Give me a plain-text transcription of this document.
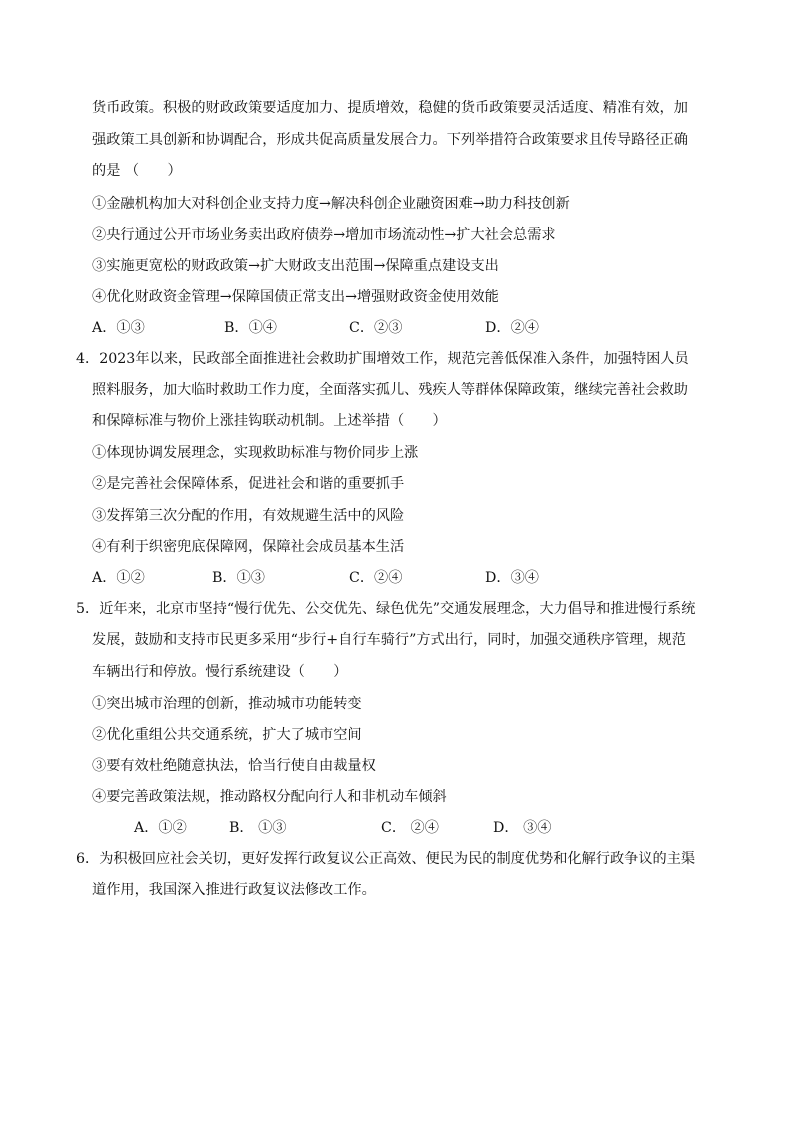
货币政策。积极的财政政策要适度加力、提质增效，稳健的货币政策要灵活适度、精准有效，加
强政策工具创新和协调配合，形成共促高质量发展合力。下列举措符合政策要求且传导路径正确
的是 （　　）
①金融机构加大对科创企业支持力度→解决科创企业融资困难→助力科技创新
②央行通过公开市场业务卖出政府债券→增加市场流动性→扩大社会总需求
③实施更宽松的财政政策→扩大财政支出范围→保障重点建设支出
④优化财政资金管理→保障国债正常支出→增强财政资金使用效能
A．①③	B．①④	C．②③	D．②④
4．2023年以来，民政部全面推进社会救助扩围增效工作，规范完善低保准入条件，加强特困人员
照料服务，加大临时救助工作力度，全面落实孤儿、残疾人等群体保障政策，继续完善社会救助
和保障标准与物价上涨挂钩联动机制。上述举措（　　）
①体现协调发展理念，实现救助标准与物价同步上涨
②是完善社会保障体系，促进社会和谐的重要抓手
③发挥第三次分配的作用，有效规避生活中的风险
④有利于织密兜底保障网，保障社会成员基本生活
A．①②	B．①③	C．②④	D．③④
5．近年来，北京市坚持“慢行优先、公交优先、绿色优先”交通发展理念，大力倡导和推进慢行系统
发展，鼓励和支持市民更多采用“步行+自行车骑行”方式出行，同时，加强交通秩序管理，规范
车辆出行和停放。慢行系统建设（　　）
①突出城市治理的创新，推动城市功能转变
②优化重组公共交通系统，扩大了城市空间
③要有效杜绝随意执法，恰当行使自由裁量权
④要完善政策法规，推动路权分配向行人和非机动车倾斜
A．①②	B． ①③	C． ②④	D． ③④
6．为积极回应社会关切，更好发挥行政复议公正高效、便民为民的制度优势和化解行政争议的主渠
道作用，我国深入推进行政复议法修改工作。
